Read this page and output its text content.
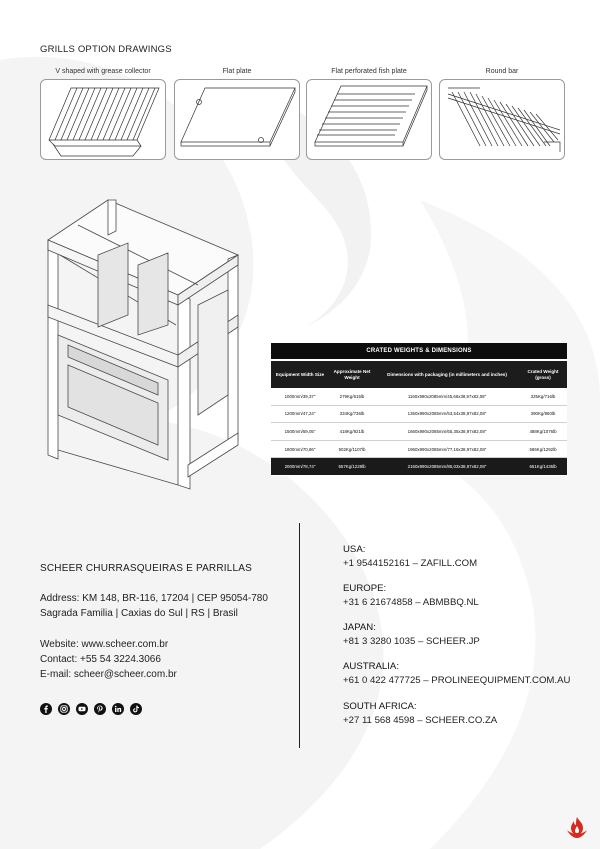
GRILLS OPTION DRAWINGS
V shaped with grease collector	Flat plate	Flat perforated fish plate	Round bar
CRATED WEIGHTS & DIMENSIONS
Equipment Width Size	Approximate Net Weight	Dimensions with packaging (in millimeters and inches)	Crated Weight (gross)
1000mm/39,37"	279Kg/615lb	1160x990x2085mm/45,66x38,97x82,08"	325Kg/716lb
1200mm/47,24"	334Kg/736lb	1360x990x2085mm/53,54x38,97x82,08"	390Kg/860lb
1500mm/59,05"	418Kg/921lb	1660x990x2085mm/65,35x38,97x82,08"	488Kg/1076lb
1800mm/70,86"	502Kg/1107lb	1960x990x2085mm/77,16x38,97x82,08"	586Kg/1292lb
2000mm/78,74"	557Kg/1228lb	2160x990x2085mm/85,03x38,97x82,08"	651Kg/1435lb
SCHEER CHURRASQUEIRAS E PARRILLAS
Address: KM 148, BR-116, 17204 | CEP 95054-780
Sagrada Familia | Caxias do Sul | RS | Brasil
Website: www.scheer.com.br
Contact: +55 54 3224.3066
E-mail: scheer@scheer.com.br
USA:
+1 9544152161 – ZAFILL.COM
EUROPE:
+31 6 21674858 – ABMBBQ.NL
JAPAN:
+81 3 3280 1035 – SCHEER.JP
AUSTRALIA:
+61 0 422 477725 – PROLINEEQUIPMENT.COM.AU
SOUTH AFRICA:
+27 11 568 4598 – SCHEER.CO.ZA
